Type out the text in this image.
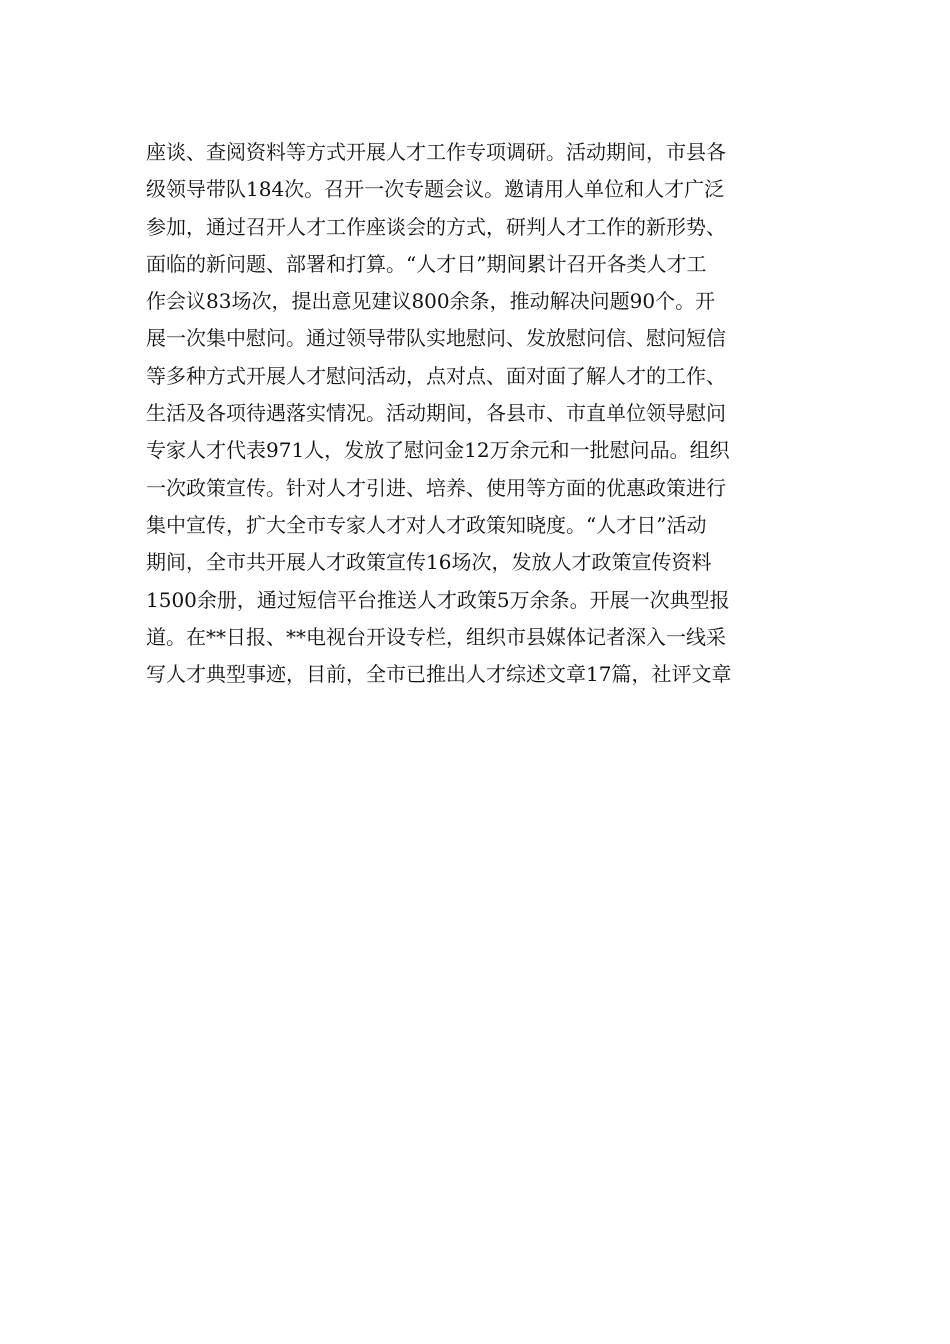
座谈、查阅资料等方式开展人才工作专项调研。活动期间，市县各
级领导带队184次。召开一次专题会议。邀请用人单位和人才广泛
参加，通过召开人才工作座谈会的方式，研判人才工作的新形势、
面临的新问题、部署和打算。“人才日”期间累计召开各类人才工
作会议83场次，提出意见建议800余条，推动解决问题90个。开
展一次集中慰问。通过领导带队实地慰问、发放慰问信、慰问短信
等多种方式开展人才慰问活动，点对点、面对面了解人才的工作、
生活及各项待遇落实情况。活动期间，各县市、市直单位领导慰问
专家人才代表971人，发放了慰问金12万余元和一批慰问品。组织
一次政策宣传。针对人才引进、培养、使用等方面的优惠政策进行
集中宣传，扩大全市专家人才对人才政策知晓度。“人才日”活动
期间，全市共开展人才政策宣传16场次，发放人才政策宣传资料
1500余册，通过短信平台推送人才政策5万余条。开展一次典型报
道。在**日报、**电视台开设专栏，组织市县媒体记者深入一线采
写人才典型事迹，目前，全市已推出人才综述文章17篇，社评文章
